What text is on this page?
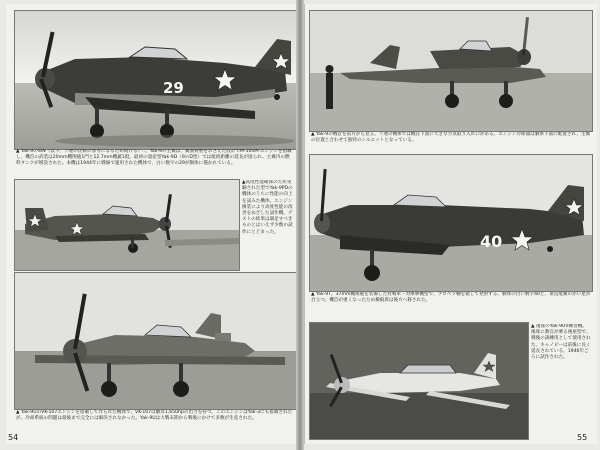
29
▲ Yak-9のS/N（以下、ソ連の比較の参考になるため掲げる）..。Yak-9の主翼は、翼面荷重をおさえた設計でM-105PFエンジンを搭載し、機首の武装は20mm機関砲1門と12.7mm機銃1挺。最初の量産型Yak-9D（9のD型）では航続距離の延長が図られ、主翼内の燃料タンクが増設された。本機は1944年に戦線で運用された機体で、白い数字の29が胴体に描かれている。
▲高度性能確保のため実験された型でYak-9PDの機体のうちに性能の向上を試みた機体。エンジン換装により高度性能の改善をめざした試作機。テストの結果は満足すべきものとはいえず少数の試作にとどまった。
▲ Yak-9UのVK-107エンジンを搭載して作られた機体で、VK-107は離昇1,650hpの出力を持つ。このエンジンはYak-3にも搭載されたが、冷却系統の問題は最後まで完全には解決されなかった。Yak-9Uは大戦末期から戦後にかけて多数が生産された。
54
▲ Yak-9の機首を前方から見る。ソ連の機体では機首下面に大きな空気取り入れ口がある。エンジン冷却器は胴体下面に配置され、主翼の位置と合わせて独特のシルエットとなっている。
40
▲ Yak-9T。37mm機関砲を装備した対戦車・対爆撃機型で、プロペラ軸を通して発射する。胴体の白い数字40と、垂直尾翼の赤い星が目立つ。機首が重くなったため操縦席は後方へ移された。
▲ 復座のYak-9UV練習機。後席に教官が乗る複座型で、戦後の訓練用として使用された。キャノピーは前後に長く延長されている。1946年ごろに試作された。
55
